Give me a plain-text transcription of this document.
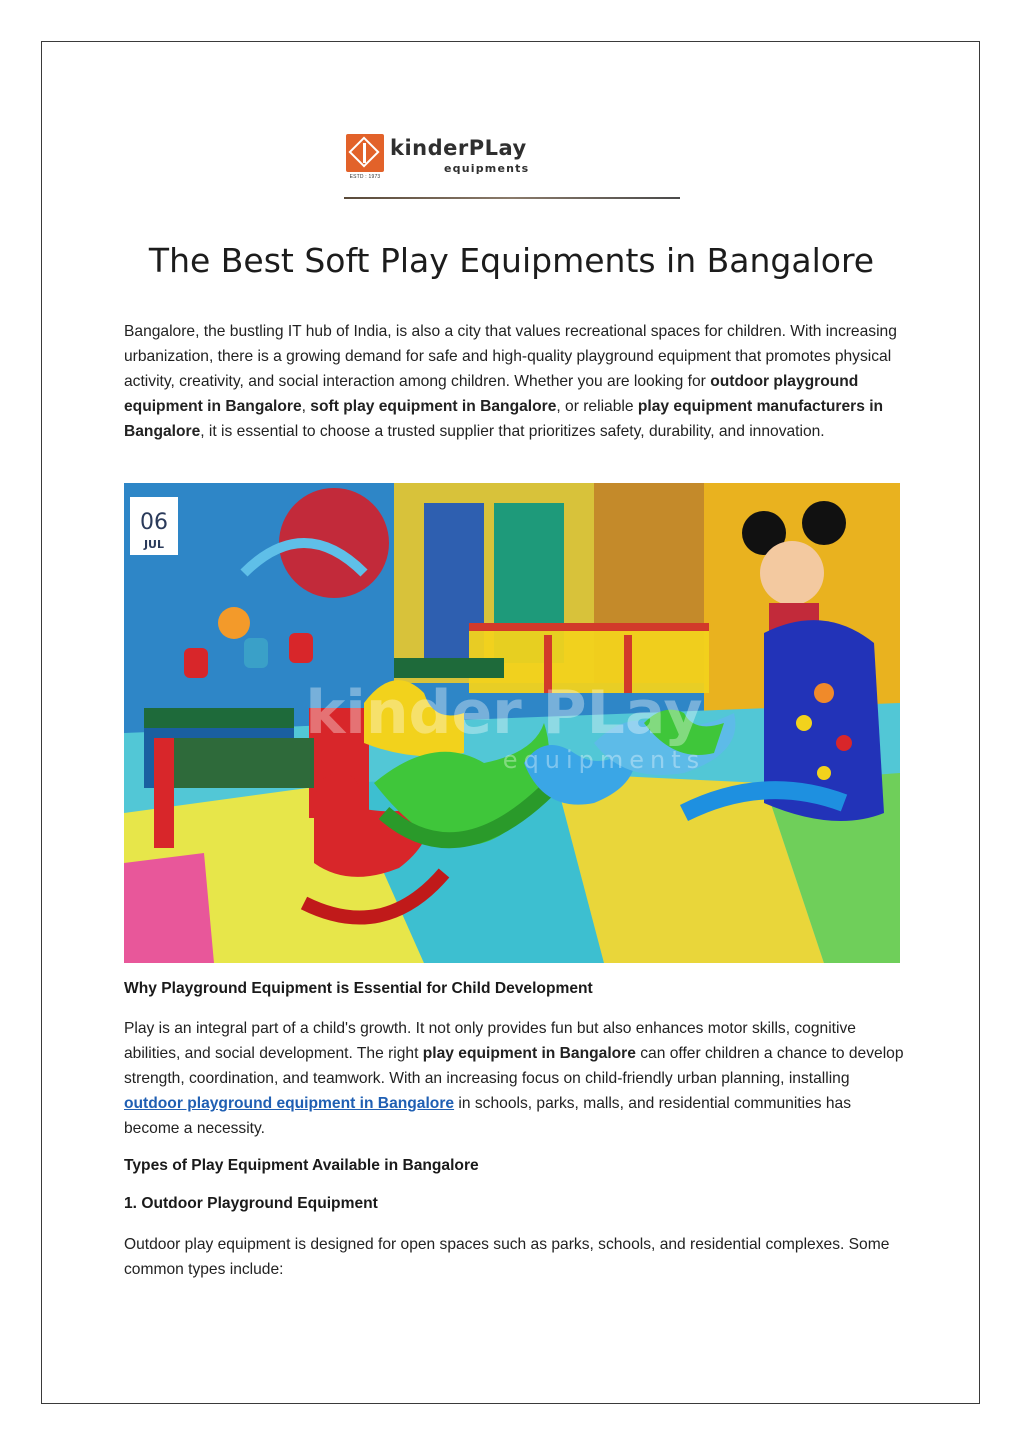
ESTD : 1973
kinderPLay
equipments
The Best Soft Play Equipments in Bangalore

Bangalore, the bustling IT hub of India, is also a city that values recreational spaces for children. With increasing urbanization, there is a growing demand for safe and high-quality playground equipment that promotes physical activity, creativity, and social interaction among children. Whether you are looking for outdoor playground equipment in Bangalore, soft play equipment in Bangalore, or reliable play equipment manufacturers in Bangalore, it is essential to choose a trusted supplier that prioritizes safety, durability, and innovation.

06
JUL
kinder PLay
equipments
Why Playground Equipment is Essential for Child Development

Play is an integral part of a child's growth. It not only provides fun but also enhances motor skills, cognitive abilities, and social development. The right play equipment in Bangalore can offer children a chance to develop strength, coordination, and teamwork. With an increasing focus on child-friendly urban planning, installing outdoor playground equipment in Bangalore in schools, parks, malls, and residential communities has become a necessity.

Types of Play Equipment Available in Bangalore
1. Outdoor Playground Equipment

Outdoor play equipment is designed for open spaces such as parks, schools, and residential complexes. Some common types include:
